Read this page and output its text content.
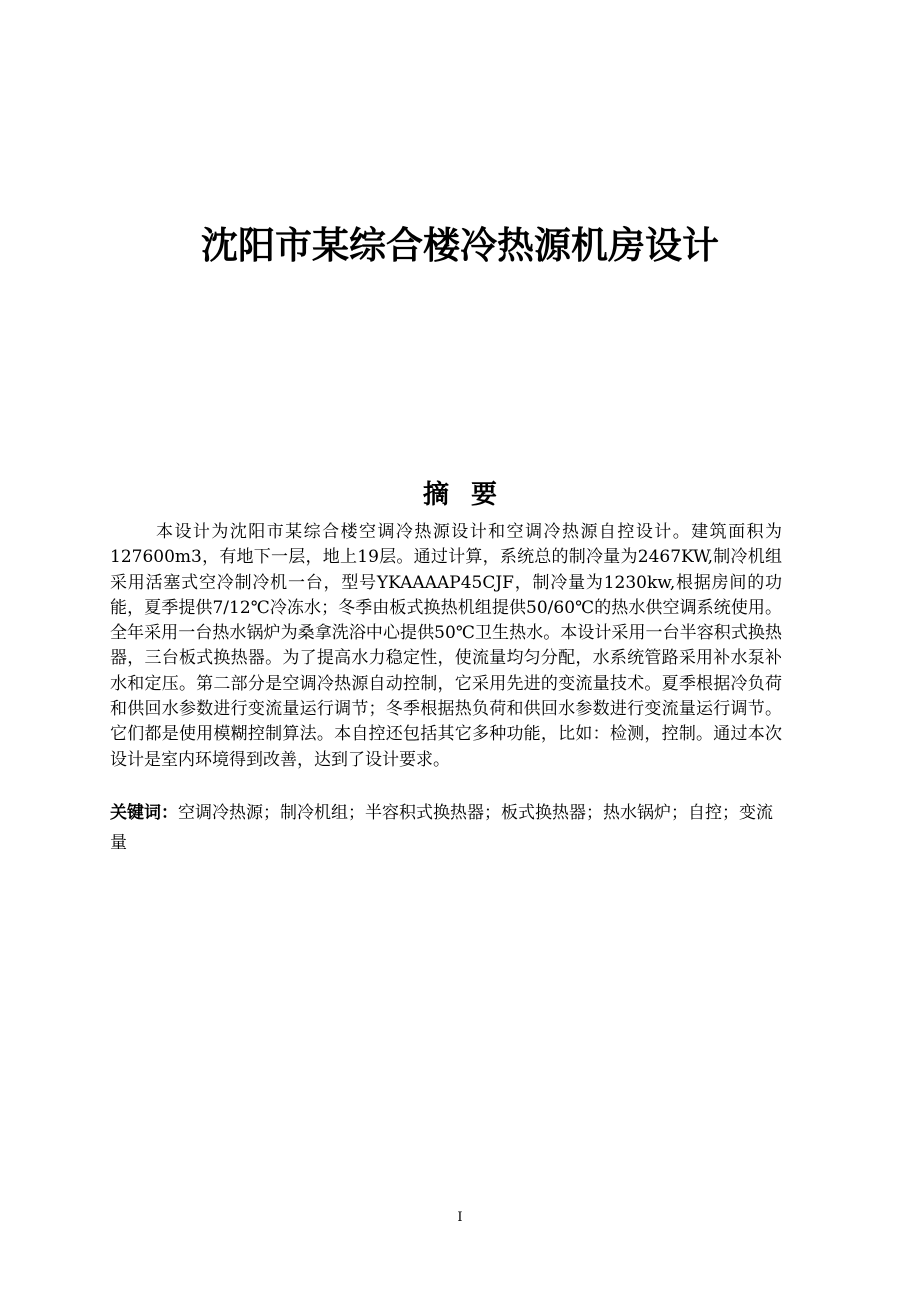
沈阳市某综合楼冷热源机房设计
摘要

本设计为沈阳市某综合楼空调冷热源设计和空调冷热源自控设计。建筑面积为127600m3，有地下一层，地上19层。通过计算，系统总的制冷量为2467KW,制冷机组采用活塞式空冷制冷机一台，型号YKAAAAP45CJF，制冷量为1230kw,根据房间的功能，夏季提供7/12℃冷冻水；冬季由板式换热机组提供50/60℃的热水供空调系统使用。全年采用一台热水锅炉为桑拿洗浴中心提供50℃卫生热水。本设计采用一台半容积式换热器，三台板式换热器。为了提高水力稳定性，使流量均匀分配，水系统管路采用补水泵补水和定压。第二部分是空调冷热源自动控制，它采用先进的变流量技术。夏季根据冷负荷和供回水参数进行变流量运行调节；冬季根据热负荷和供回水参数进行变流量运行调节。它们都是使用模糊控制算法。本自控还包括其它多种功能，比如：检测，控制。通过本次设计是室内环境得到改善，达到了设计要求。

关键词：空调冷热源；制冷机组；半容积式换热器；板式换热器；热水锅炉；自控；变流量

I
